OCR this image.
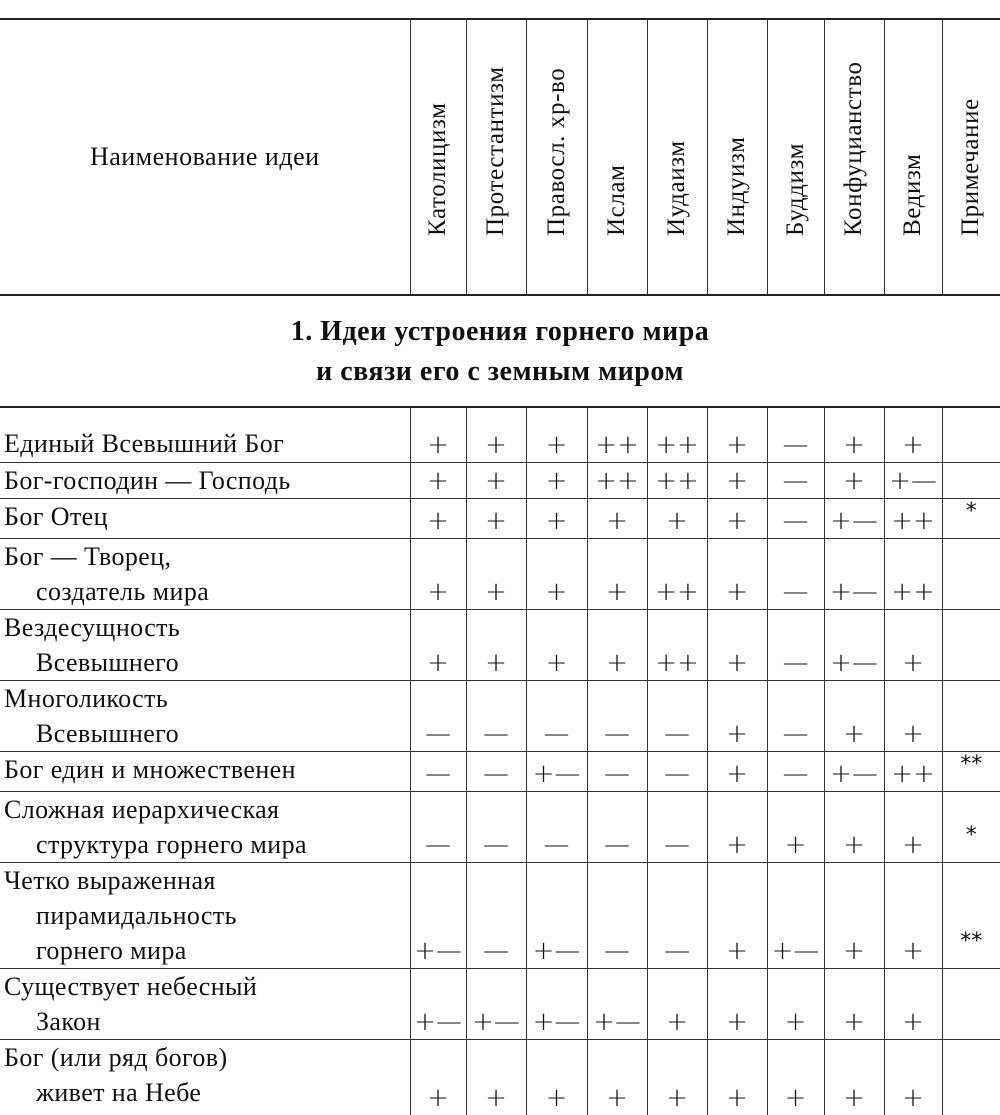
Наименование идеи	Католицизм	Протестантизм	Правосл. хр-во	Ислам	Иудаизм	Индуизм	Буддизм	Конфуцианство	Ведизм	Примечание
1. Идеи устроения горнего мира
и связи его с земным миром
Единый Всевышний Бог	+	+	+	++	++	+	—	+	+	

Бог-господин — Господь	+	+	+	++	++	+	—	+	+—	

Бог Отец	+	+	+	+	+	+	—	+—	++	*

Бог — Творец,
создатель мира	+	+	+	+	++	+	—	+—	++	

Вездесущность
Всевышнего	+	+	+	+	++	+	—	+—	+	

Многоликость
Всевышнего	—	—	—	—	—	+	—	+	+	

Бог един и множественен	—	—	+—	—	—	+	—	+—	++	**

Сложная иерархическая
структура горнего мира	—	—	—	—	—	+	+	+	+	*

Четко выраженная
пирамидальность
горнего мира	+—	—	+—	—	—	+	+—	+	+	**

Существует небесный
Закон	+—	+—	+—	+—	+	+	+	+	+	

Бог (или ряд богов)
живет на Небе	+	+	+	+	+	+	+	+	+	
